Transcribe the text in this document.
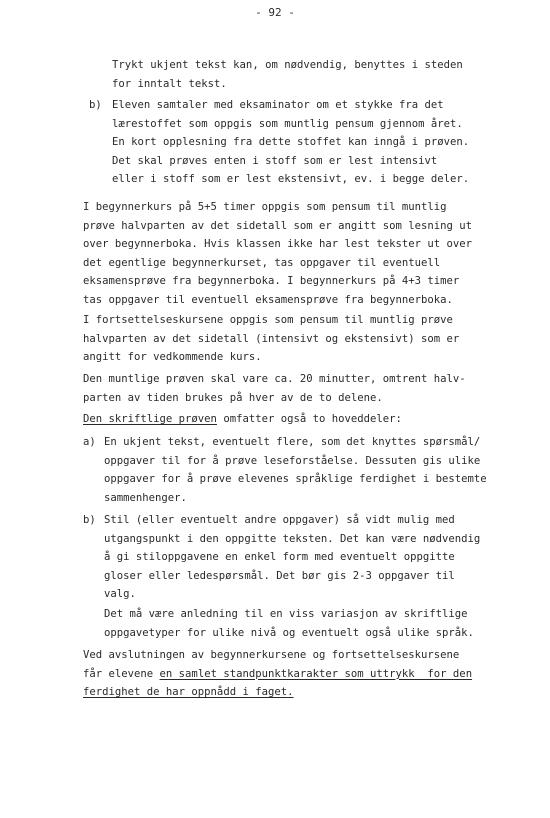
- 92 -
Trykt ukjent tekst kan, om nødvendig, benyttes i steden
for inntalt tekst.
b) Eleven samtaler med eksaminator om et stykke fra det
lærestoffet som oppgis som muntlig pensum gjennom året.
En kort opplesning fra dette stoffet kan inngå i prøven.
Det skal prøves enten i stoff som er lest intensivt
eller i stoff som er lest ekstensivt, ev. i begge deler.
I begynnerkurs på 5+5 timer oppgis som pensum til muntlig
prøve halvparten av det sidetall som er angitt som lesning ut
over begynnerboka. Hvis klassen ikke har lest tekster ut over
det egentlige begynnerkurset, tas oppgaver til eventuell
eksamensprøve fra begynnerboka. I begynnerkurs på 4+3 timer
tas oppgaver til eventuell eksamensprøve fra begynnerboka.
I fortsettelseskursene oppgis som pensum til muntlig prøve
halvparten av det sidetall (intensivt og ekstensivt) som er
angitt for vedkommende kurs.
Den muntlige prøven skal vare ca. 20 minutter, omtrent halv-
parten av tiden brukes på hver av de to delene.
Den skriftlige prøven omfatter også to hoveddeler:
a) En ukjent tekst, eventuelt flere, som det knyttes spørsmål/
oppgaver til for å prøve leseforståelse. Dessuten gis ulike
oppgaver for å prøve elevenes språklige ferdighet i bestemte
sammenhenger.
b) Stil (eller eventuelt andre oppgaver) så vidt mulig med
utgangspunkt i den oppgitte teksten. Det kan være nødvendig
å gi stiloppgavene en enkel form med eventuelt oppgitte
gloser eller ledespørsmål. Det bør gis 2-3 oppgaver til
valg.
Det må være anledning til en viss variasjon av skriftlige
oppgavetyper for ulike nivå og eventuelt også ulike språk.
Ved avslutningen av begynnerkursene og fortsettelseskursene
får elevene en samlet standpunktkarakter som uttrykk  for den
ferdighet de har oppnådd i faget.
